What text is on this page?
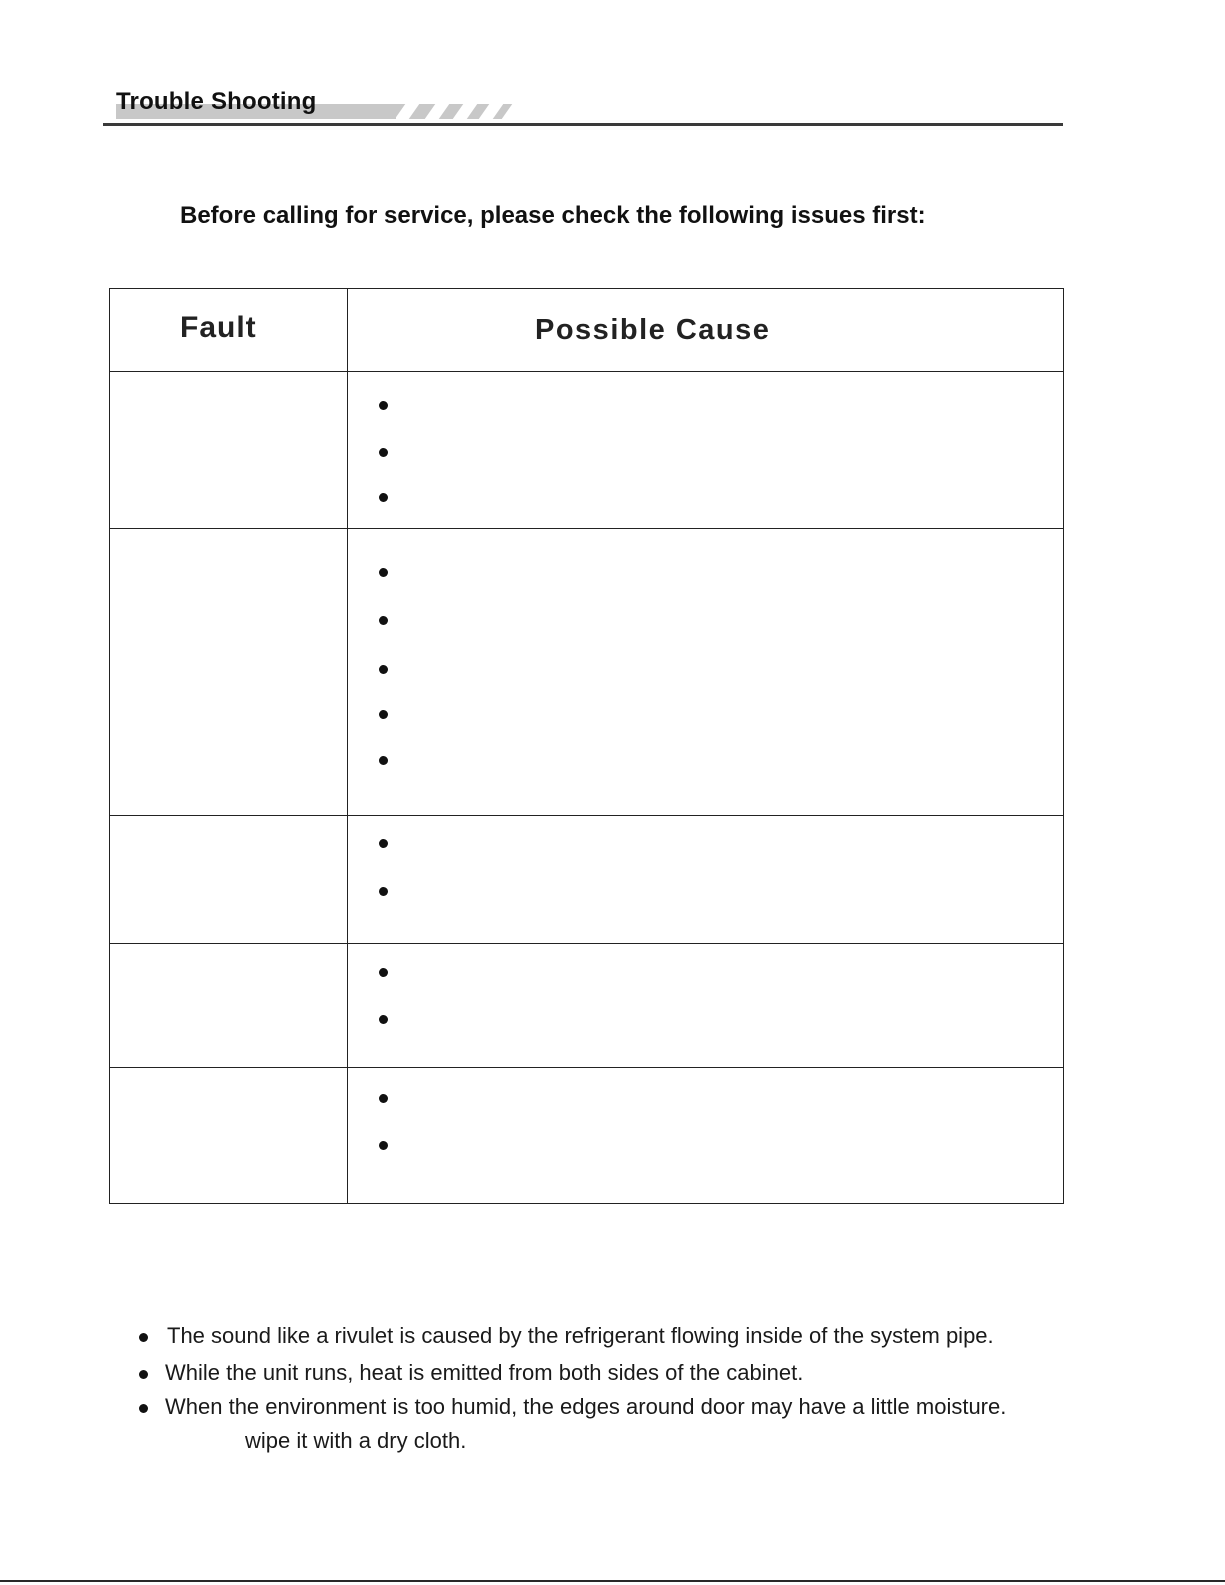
Trouble Shooting
Before calling for service, please check the following issues first:
Fault	Possible Cause
The sound like a rivulet is caused by the refrigerant flowing inside of the system pipe.
While the unit runs, heat is emitted from both sides of the cabinet.
When the environment is too humid, the edges around door may have a little moisture.
wipe it with a dry cloth.
